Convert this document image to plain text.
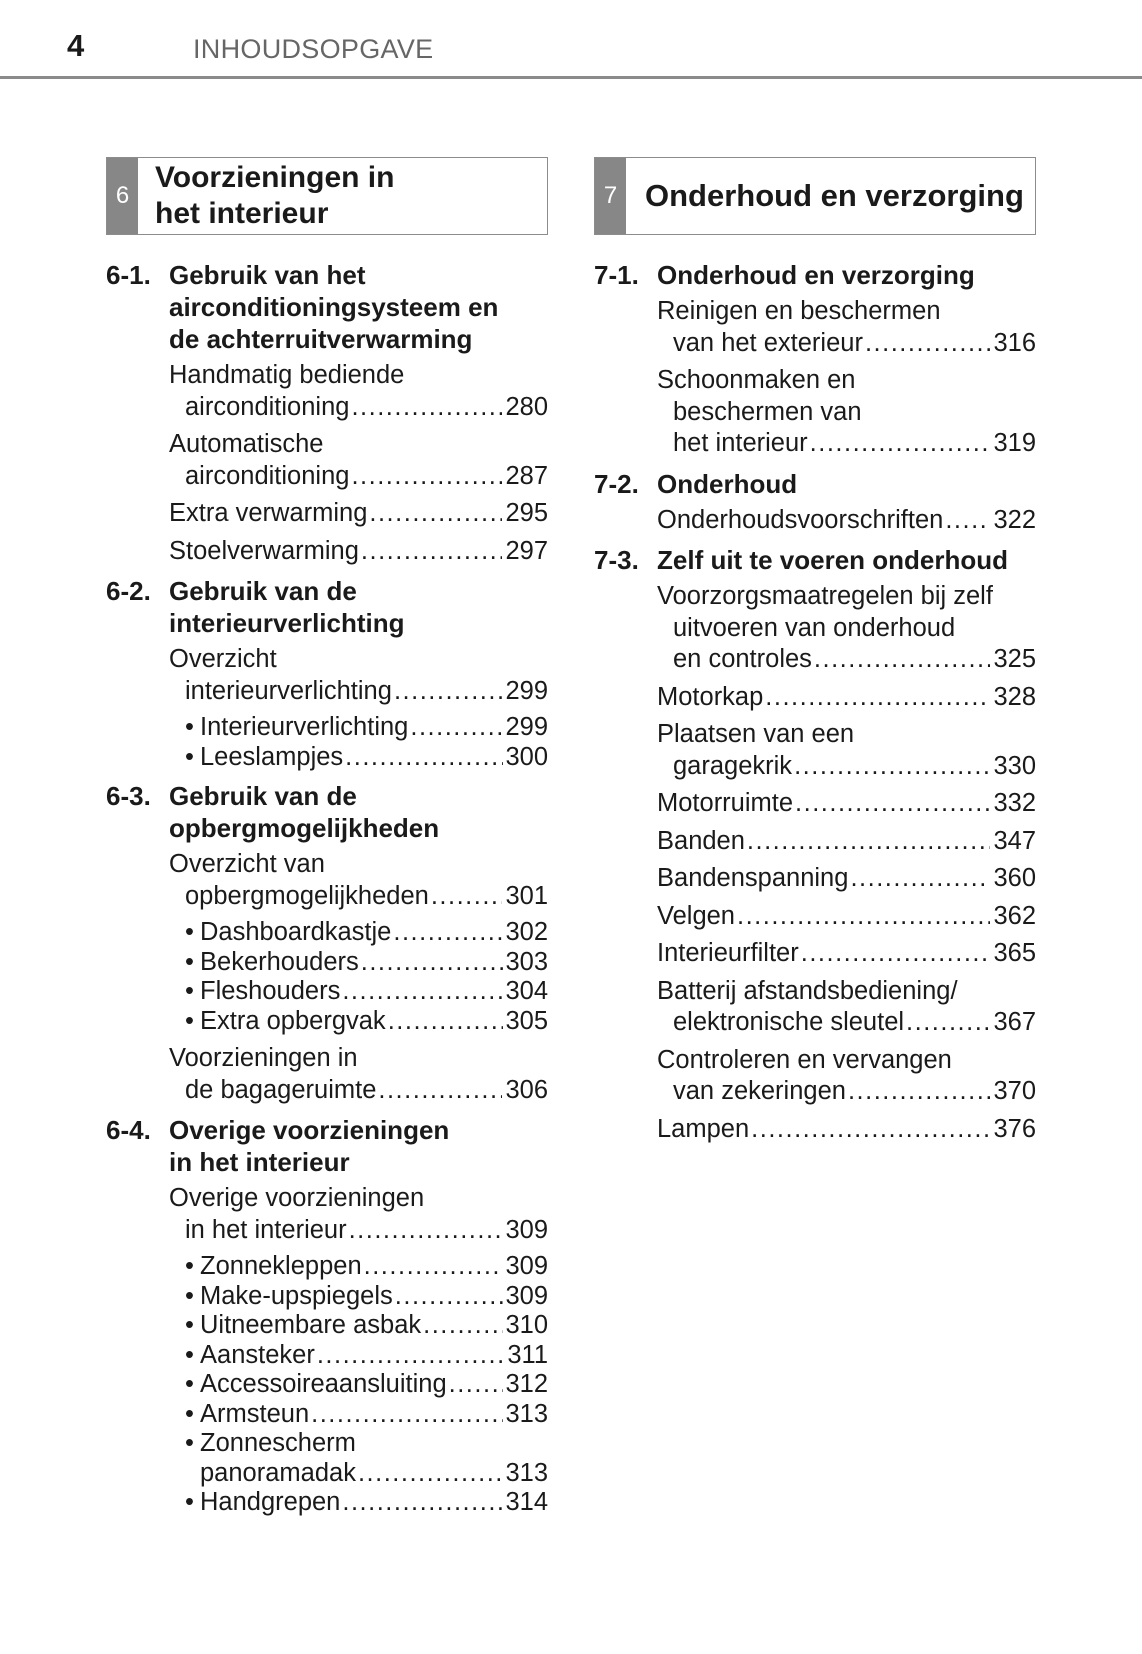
4	INHOUDSOPGAVE
6
Voorzieningen in
het interieur
6-1. Gebruik van het
airconditioningsysteem en
de achterruitverwarming
Handmatig bediende
airconditioning .....	280
Automatische
airconditioning .....	287
Extra verwarming .....	295
Stoelverwarming .....	297
6-2. Gebruik van de
interieurverlichting
Overzicht
interieurverlichting .....	299
• Interieurverlichting .....	299
• Leeslampjes .....	300
6-3. Gebruik van de
opbergmogelijkheden
Overzicht van
opbergmogelijkheden .....	301
• Dashboardkastje .....	302
• Bekerhouders .....	303
• Fleshouders .....	304
• Extra opbergvak .....	305
Voorzieningen in
de bagageruimte .....	306
6-4. Overige voorzieningen
in het interieur
Overige voorzieningen
in het interieur .....	309
• Zonnekleppen .....	309
• Make-upspiegels .....	309
• Uitneembare asbak .....	310
• Aansteker .....	311
• Accessoireaansluiting ..... 312
• Armsteun .....	313
• Zonnescherm
panoramadak .....	313
• Handgrepen .....	314
7 Onderhoud en verzorging
7-1. Onderhoud en verzorging
Reinigen en beschermen
van het exterieur .....	316
Schoonmaken en
beschermen van
het interieur .....	319
7-2. Onderhoud
Onderhoudsvoorschriften ..... 322
7-3. Zelf uit te voeren onderhoud
Voorzorgsmaatregelen bij zelf
uitvoeren van onderhoud
en controles .....	325
Motorkap .....	328
Plaatsen van een
garagekrik .....	330
Motorruimte .....	332
Banden .....	347
Bandenspanning .....	360
Velgen .....	362
Interieurfilter .....	365
Batterij afstandsbediening/
elektronische sleutel .....	367
Controleren en vervangen
van zekeringen .....	370
Lampen .....	376
